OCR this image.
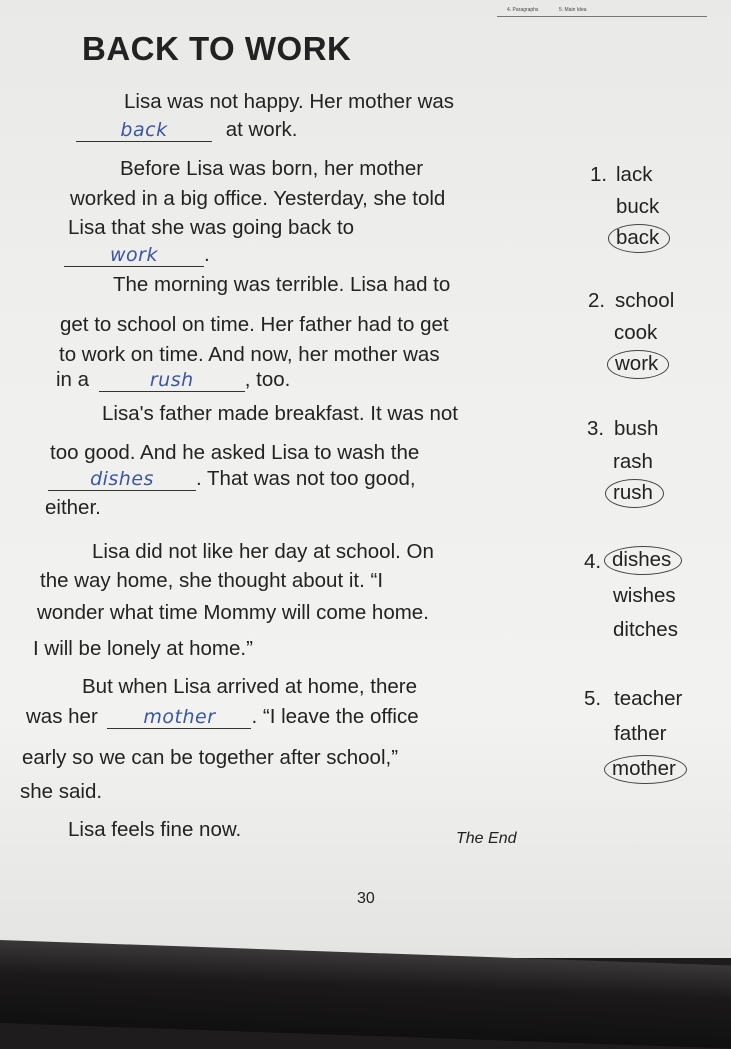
4. Paragraphs	5. Main Idea
BACK TO WORK
Lisa was not happy. Her mother was
back	at work.
Before Lisa was born, her mother
worked in a big office. Yesterday, she told
Lisa that she was going back to
work .
The morning was terrible. Lisa had to
get to school on time. Her father had to get
to work on time. And now, her mother was
in a	rush , too.
Lisa's father made breakfast. It was not
too good. And he asked Lisa to wash the
dishes . That was not too good,
either.
Lisa did not like her day at school. On
the way home, she thought about it. “I
wonder what time Mommy will come home.
I will be lonely at home.”
But when Lisa arrived at home, there
was her mother . “I leave the office
early so we can be together after school,”
she said.
Lisa feels fine now.
1. lack
buck
back
2. school
cook
work
3. bush
rash
rush
4. dishes
wishes
ditches
5. teacher
father
mother
The End
30
